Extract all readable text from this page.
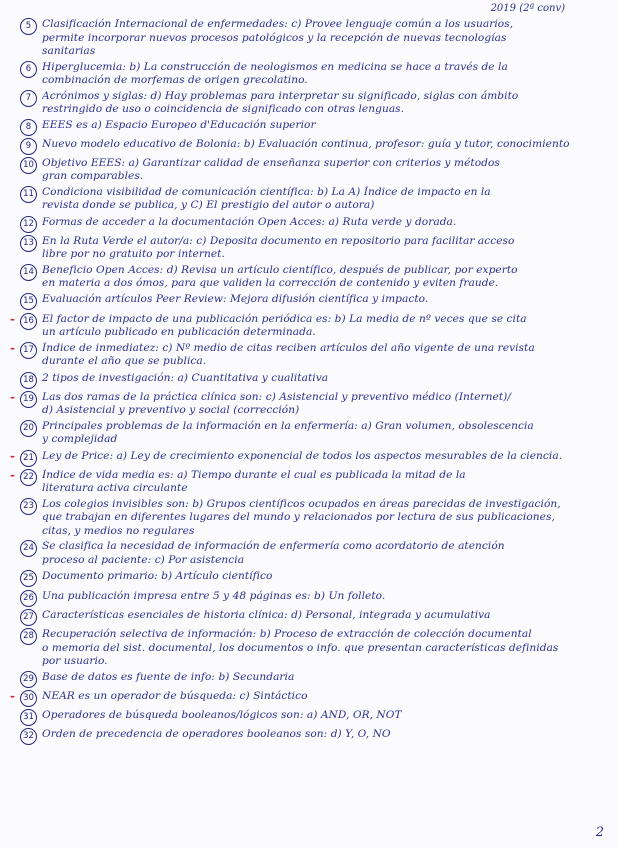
2019 (2ª conv)
5	Clasificación Internacional de enfermedades: c) Provee lenguaje común a los usuarios,
permite incorporar nuevos procesos patológicos y la recepción de nuevas tecnologías
sanitarias
6	Hiperglucemia: b) La construcción de neologismos en medicina se hace a través de la
combinación de morfemas de origen grecolatino.
7	Acrónimos y siglas: d) Hay problemas para interpretar su significado, siglas con ámbito
restringido de uso o coincidencia de significado con otras lenguas.
8	EEES es a) Espacio Europeo d'Educación superior
9	Nuevo modelo educativo de Bolonia: b) Evaluación continua, profesor: guía y tutor, conocimiento
10 Objetivo EEES: a) Garantizar calidad de enseñanza superior con criterios y métodos
gran comparables.
11 Condiciona visibilidad de comunicación científica: b) La A) Índice de impacto en la
revista donde se publica, y C) El prestigio del autor o autora)
12 Formas de acceder a la documentación Open Acces: a) Ruta verde y dorada.
13 En la Ruta Verde el autor/a: c) Deposita documento en repositorio para facilitar acceso
libre por no gratuito por internet.
14 Beneficio Open Acces: d) Revisa un artículo científico, después de publicar, por experto
en materia a dos ómos, para que validen la corrección de contenido y eviten fraude.
15 Evaluación artículos Peer Review: Mejora difusión científica y impacto.
- 16 El factor de impacto de una publicación periódica es: b) La media de nº veces que se cita
un artículo publicado en publicación determinada.
- 17 Índice de inmediatez: c) Nº medio de citas reciben artículos del año vigente de una revista
durante el año que se publica.
18 2 tipos de investigación: a) Cuantitativa y cualitativa
- 19 Las dos ramas de la práctica clínica son: c) Asistencial y preventivo médico (Internet)/
d) Asistencial y preventivo y social (corrección)
20 Principales problemas de la información en la enfermería: a) Gran volumen, obsolescencia
y complejidad
- 21 Ley de Price: a) Ley de crecimiento exponencial de todos los aspectos mesurables de la ciencia.
- 22 Índice de vida media es: a) Tiempo durante el cual es publicada la mitad de la
literatura activa circulante
23 Los colegios invisibles son: b) Grupos científicos ocupados en áreas parecidas de investigación,
que trabajan en diferentes lugares del mundo y relacionados por lectura de sus publicaciones,
citas, y medios no regulares
24 Se clasifica la necesidad de información de enfermería como acordatorio de atención
proceso al paciente: c) Por asistencia
25 Documento primario: b) Artículo científico
26 Una publicación impresa entre 5 y 48 páginas es: b) Un folleto.
27 Características esenciales de historia clínica: d) Personal, integrada y acumulativa
28 Recuperación selectiva de información: b) Proceso de extracción de colección documental
o memoria del sist. documental, los documentos o info. que presentan características definidas
por usuario.
29 Base de datos es fuente de info: b) Secundaria
- 30 NEAR es un operador de búsqueda: c) Sintáctico
31 Operadores de búsqueda booleanos/lógicos son: a) AND, OR, NOT
32 Orden de precedencia de operadores booleanos son: d) Y, O, NO
2
